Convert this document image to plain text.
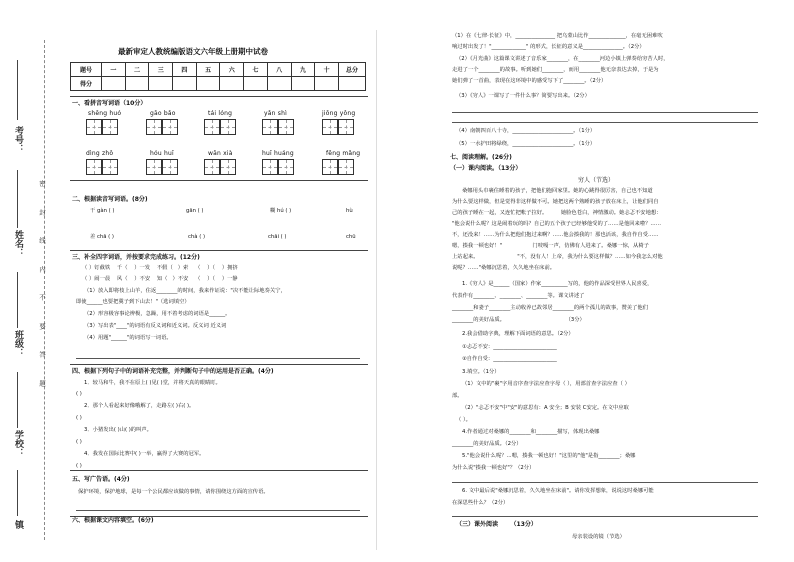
考号：
姓名：
班级：
学校：
镇
密
封
线
内
不
要
答
题
最新审定人教统编版语文六年级上册期中试卷
题号	一	二	三	四	五	六	七	八	九	十	总分
得分											
一、看拼音写词语（10分）
shēng huó	gāo bǎo	tái lóng	yǎn shì	jiōng yǒng
dìng zhǒ	hóu huī	wān xià	huī huáng	fēng mǎng
二、根据读音写词语。(8分)
干 gàn ( )	gān ( )	糊 hú ( )	hù
差 chā ( )	chà ( )	chāi ( )	chū
三、补全四字词语，并按要求完成练习。(12分)
（ ）钉截铁    千（    ）一发    不假（   ）索    （    ）（    ）拥挤
（ ）闹一晨    风（    ）不安    知（   ）不安    （    ）（    ）一静
（1）放入即将枝上山羊，住返________的时间，我来作证说："决不能让际地奏关宁，
即使______也要把冀子到下山去！"（选词填空）
（2）形容极容事论辨极，急躁，用不着考虑的词语是______。
（3）写出表"____"的词语有反义词和近义词。反义词 近义词
（4）用题"______"的词语写一词语。
四、根据下列句子中的词语补充完整，并判断句子中的运用是否正确。(4分)
1．较马和牛，我不在原上( )见( )堂，并将天真的眼睛盯。
( )
2．那个人看起来好像哦解了，走路左( )右( )。
( )
3．小猪发出( )山( )的叫声。
( )
4．我发在国际比赛中( )一举，赢得了大赛的冠军。
( )
五、写广告语。(4分)
保护环境，保护地球，是每一个公民都应该做的事情，请你围绕这方面的宣传语。
六、根据课文内容填空。(6分)
（1）在《七律·长征》中，_______________ 把乌蒙山比作______________，在毫无困难吹
响过时出发了！"_____________" 的形式，长征的意义是_______________。（2分）
（2）《月光曲》这篇课文讲述了音乐家________，在________河边小镇上弹奏给穷苦人时，
走进了一个________的故事。听到她们________，而用________他无奈表达去掉，于是为
她们弹了一首曲，表现在这环境中的感受写下了________。（2分）
（3）《穷人》一课写了一件什么事？简要写出来。（2分）
（4）南朝四百八十寺，_______________________。（1分）
（5）一水护田将绿绕，_______________________。（1分）
七、阅读理解。(26分)
（一）课内阅读。（13分）
穷人（节选）
桑娜用头巾裹住睡着的孩子，把他们抱回家里。她的心跳得很厉害，自己也不知道
为什么要这样做，但是觉得非这样做不可。她把这两个熟睡的孩子放在床上，让他们同自
己的孩子睡在一起，又连忙把帐子拉好。        她脸色苍白，神情激动。她忐忑不安地想：
"他会说什么呢？这是闹着玩的吗？自己的五个孩子已经够他受的了……是他回来啦？……
不，还没来！……为什么把他们抱过来啊？……他会揍我的！那也活该，我自作自受……
嗯，揍我一顿也好！"                  门吱嘎一声，仿佛有人进来了。桑娜一惊，从椅子
上站起来。                       "不，没有人！上帝，我为什么要这样做？……如今我怎么对他
说呢？……"桑娜沉思着，久久地坐在床前。
1.《穷人》是______（国家）作家__________写的，他的作品深受世界人民喜爱，
代表作有________、________、________等。课文讲述了
________和妻子________主动收养已故邻居________的两个孤儿的故事，赞美了他们
________的美好品质。                                    （3分）
2.我会借助字典，理解下面词语的意思。（2分）
①忐忑不安：________________________
②自作自受：________________________
3.填空。（1分）
（1）文中的"裹"字用音序查字法应查字母（ ），用部首查字法应查（ ）
部。
（2）"忐忑不安"中"安"的意思有：A 安全；B 安装 C安定。在文中应取
（ ）。
4.作者通过对桑娜的________和________描写，体现出桑娜
________的美好品质。（2分）
5."他会说什么呢？...嗯，揍我一顿也好！"这里的"他"是指________；桑娜
为什么说"揍我一顿也好"？（2分）
6. 文中最后说"桑娜沉思着，久久地坐在床前"。请你发挥想象，说说这时桑娜可能
在深思些什么？（2分）
（三）课外阅读      （13分）
母亲装设的镜（节选）
